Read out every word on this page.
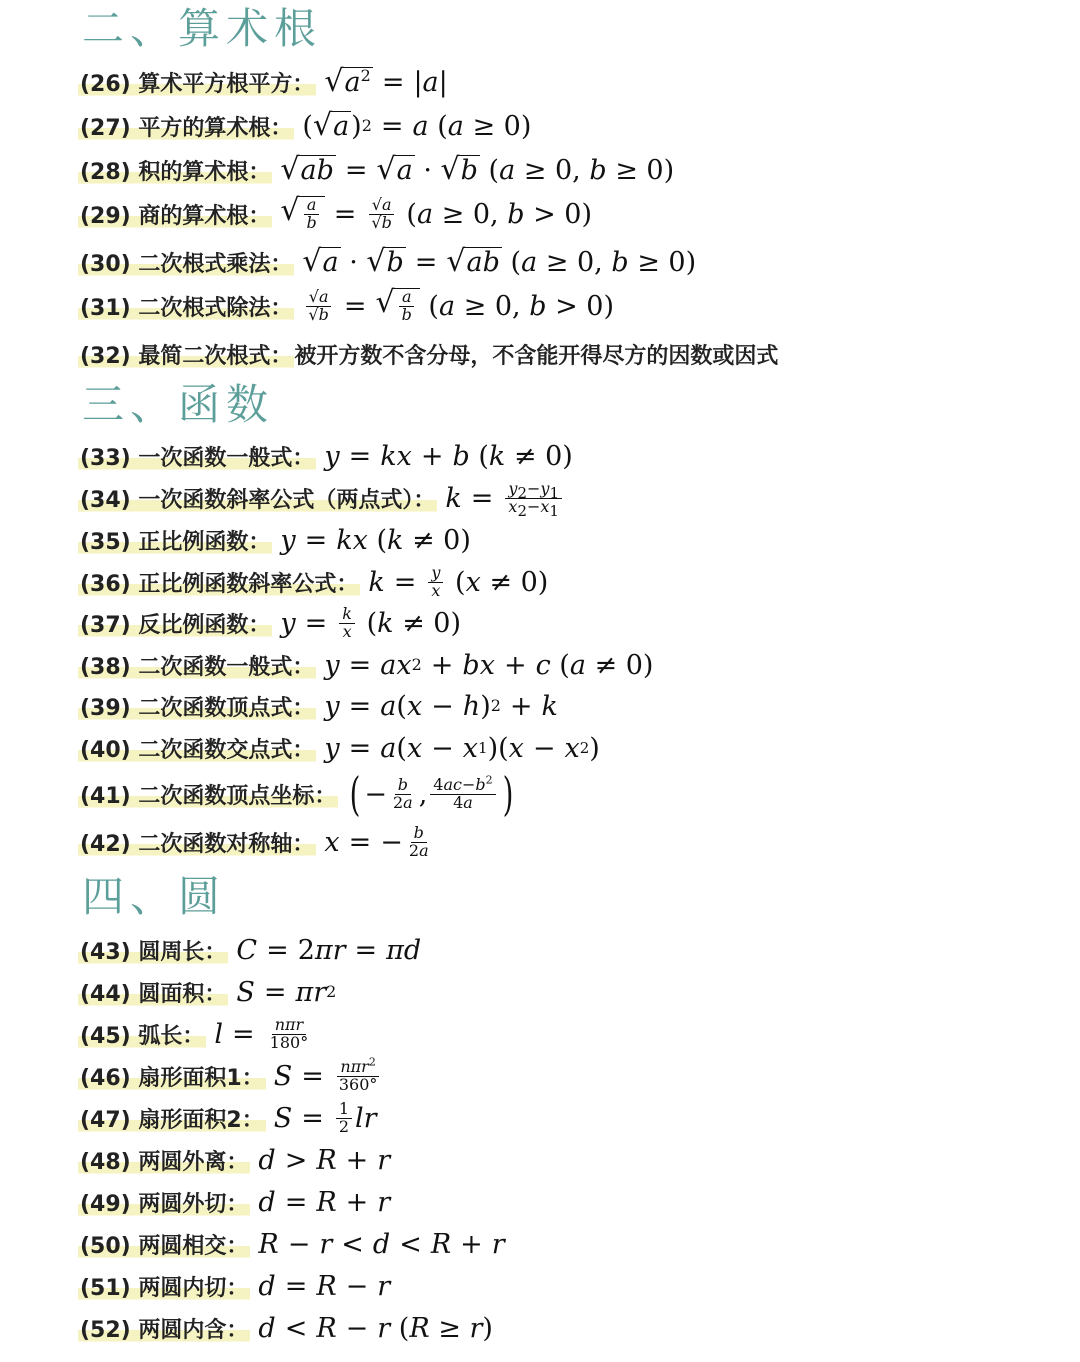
二、算术根
(26) 算术平方根平方： √ $a^2$ = | a |
(27) 平方的算术根： ( √ a ) 2 = a ( a ≥ 0)
(28) 积的算术根： √ ab = √ a · √ b ( a ≥ 0, b ≥ 0)
(29) 商的算术根： √ $\frac{a}{b} = \frac{√a}{√b}$ ( a ≥ 0, b > 0)
(30) 二次根式乘法： √ a · √ b = √ ab ( a ≥ 0, b ≥ 0)
(31) 二次根式除法： $\frac{√a}{√b}$ = √ $\frac{a}{b}$ ( a ≥ 0, b > 0)
(32) 最简二次根式： 被开方数不含分母，不含能开得尽方的因数或因式
三、函数
(33) 一次函数一般式： y = kx + b ( k ≠ 0)
(34) 一次函数斜率公式（两点式）： $k = \frac{y_2-y_1}{x_2-x_1}$
(35) 正比例函数： y = kx ( k ≠ 0)
(36) 正比例函数斜率公式： $k = \frac{y}{x}$ ( x ≠ 0)
(37) 反比例函数： $y = \frac{k}{x}$ ( k ≠ 0)
(38) 二次函数一般式： y = ax 2 + bx + c ( a ≠ 0)
(39) 二次函数顶点式： y = a ( x − h ) 2 + k
(40) 二次函数交点式： y = a ( x − x 1 )( x − x 2 )
(41) 二次函数顶点坐标： ( − $\frac{b}{2a}$ , $\frac{4ac-b^2}{4a}$ )
(42) 二次函数对称轴： x = − $\frac{b}{2a}$
四、圆
(43) 圆周长： C = 2 πr = πd
(44) 圆面积： S = πr 2
(45) 弧长： $l = \frac{\text{nπr}}{180^\circ}$
(46) 扇形面积1： $S = \frac{n\pi r^2}{360^\circ}$
(47) 扇形面积2： $S = \frac{1}{2}$ lr
(48) 两圆外离： d > R + r
(49) 两圆外切： d = R + r
(50) 两圆相交： R − r < d < R + r
(51) 两圆内切： d = R − r
(52) 两圆内含： d < R − r ( R ≥ r )
